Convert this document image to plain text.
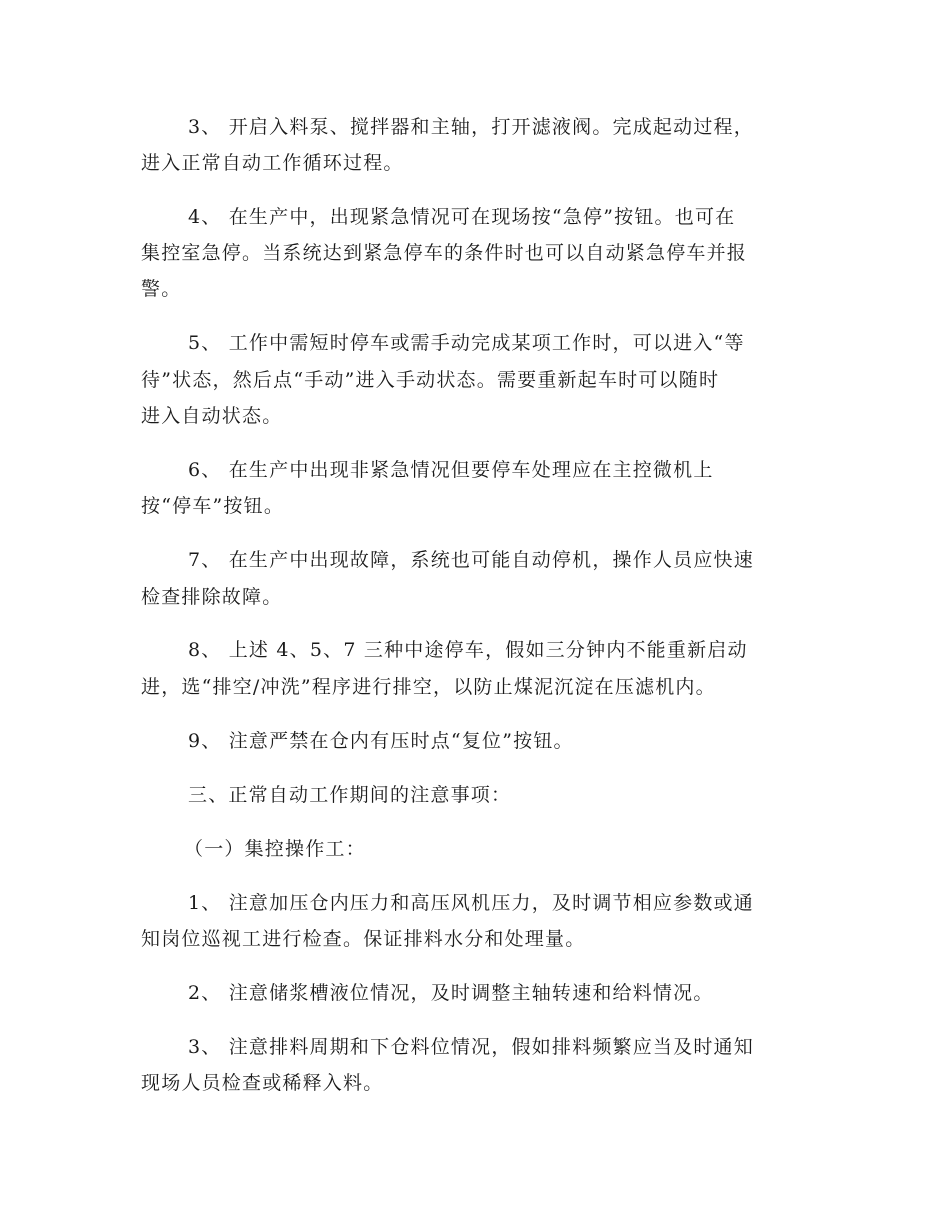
3、 开启入料泵、搅拌器和主轴，打开滤液阀。完成起动过程，
进入正常自动工作循环过程。
4、 在生产中，出现紧急情况可在现场按“急停”按钮。也可在
集控室急停。当系统达到紧急停车的条件时也可以自动紧急停车并报
警。
5、 工作中需短时停车或需手动完成某项工作时，可以进入“等
待”状态，然后点“手动”进入手动状态。需要重新起车时可以随时
进入自动状态。
6、 在生产中出现非紧急情况但要停车处理应在主控微机上
按“停车”按钮。
7、 在生产中出现故障，系统也可能自动停机，操作人员应快速
检查排除故障。
8、 上述 4、5、7 三种中途停车，假如三分钟内不能重新启动
进，选“排空/冲洗”程序进行排空，以防止煤泥沉淀在压滤机内。
9、 注意严禁在仓内有压时点“复位”按钮。
三、正常自动工作期间的注意事项：
（一）集控操作工：
1、 注意加压仓内压力和高压风机压力，及时调节相应参数或通
知岗位巡视工进行检查。保证排料水分和处理量。
2、 注意储浆槽液位情况，及时调整主轴转速和给料情况。
3、 注意排料周期和下仓料位情况，假如排料频繁应当及时通知
现场人员检查或稀释入料。
